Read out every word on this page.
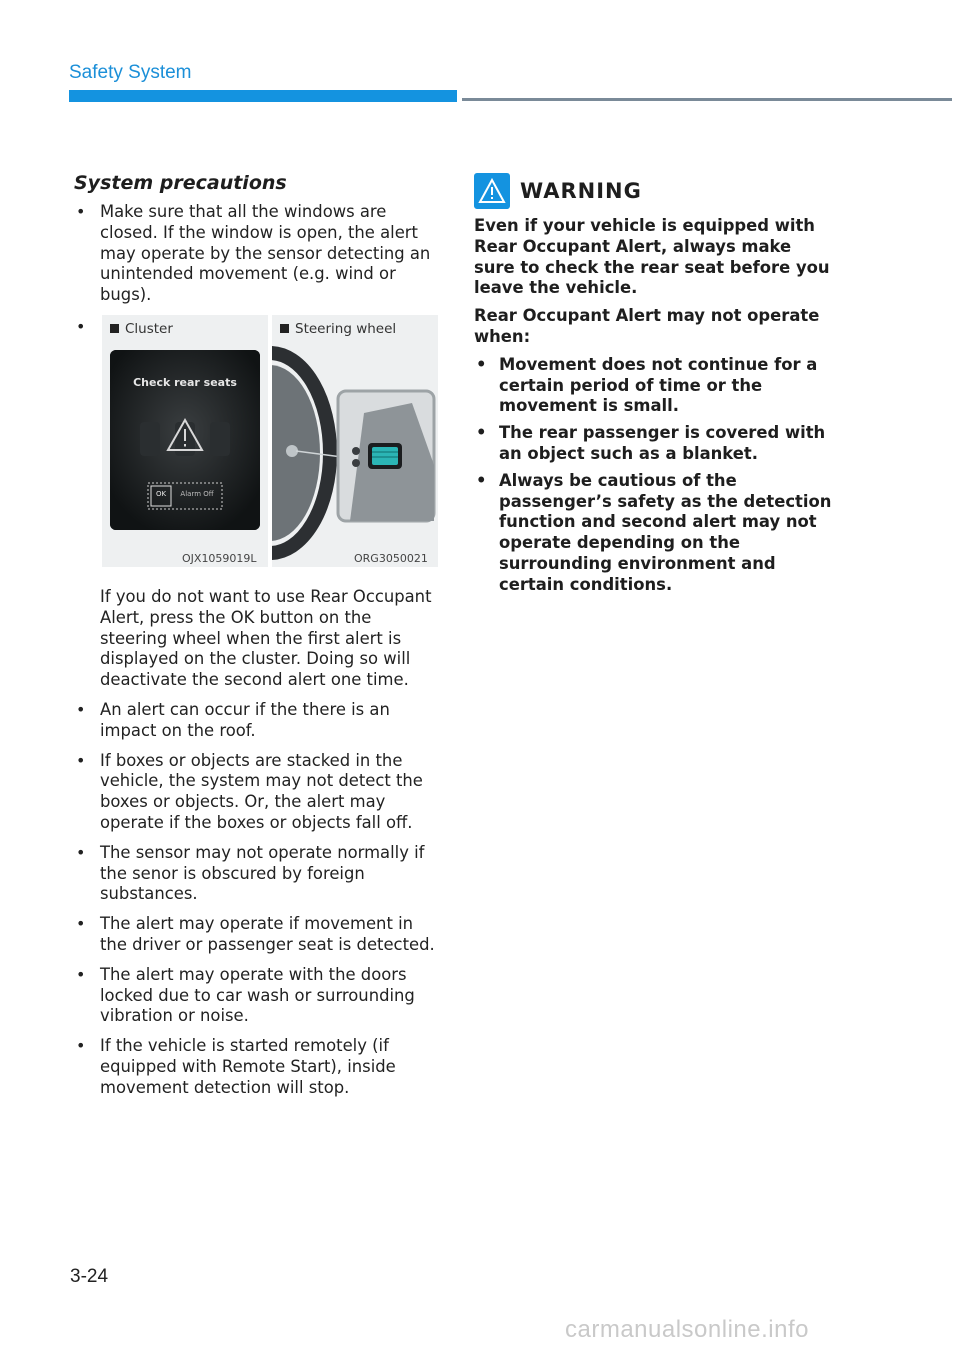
Safety System
System precautions
• Make sure that all the windows are closed. If the window is open, the alert may operate by the sensor detecting an unintended movement (e.g. wind or bugs).
•	Cluster
Check rear seats
OK	Alarm Off
OJX1059019L
Steering wheel
ORG3050021

If you do not want to use Rear Occupant Alert, press the OK button on the steering wheel when the first alert is displayed on the cluster. Doing so will deactivate the second alert one time.

• An alert can occur if the there is an impact on the roof.
• If boxes or objects are stacked in the vehicle, the system may not detect the boxes or objects. Or, the alert may operate if the boxes or objects fall off.
• The sensor may not operate normally if the senor is obscured by foreign substances.
• The alert may operate if movement in the driver or passenger seat is detected.
• The alert may operate with the doors locked due to car wash or surrounding vibration or noise.
• If the vehicle is started remotely (if equipped with Remote Start), inside movement detection will stop.
WARNING

Even if your vehicle is equipped with Rear Occupant Alert, always make sure to check the rear seat before you leave the vehicle.

Rear Occupant Alert may not operate when:

• Movement does not continue for a certain period of time or the movement is small.
• The rear passenger is covered with an object such as a blanket.
• Always be cautious of the passenger’s safety as the detection function and second alert may not operate depending on the surrounding environment and certain conditions.
3-24
carmanualsonline.info
